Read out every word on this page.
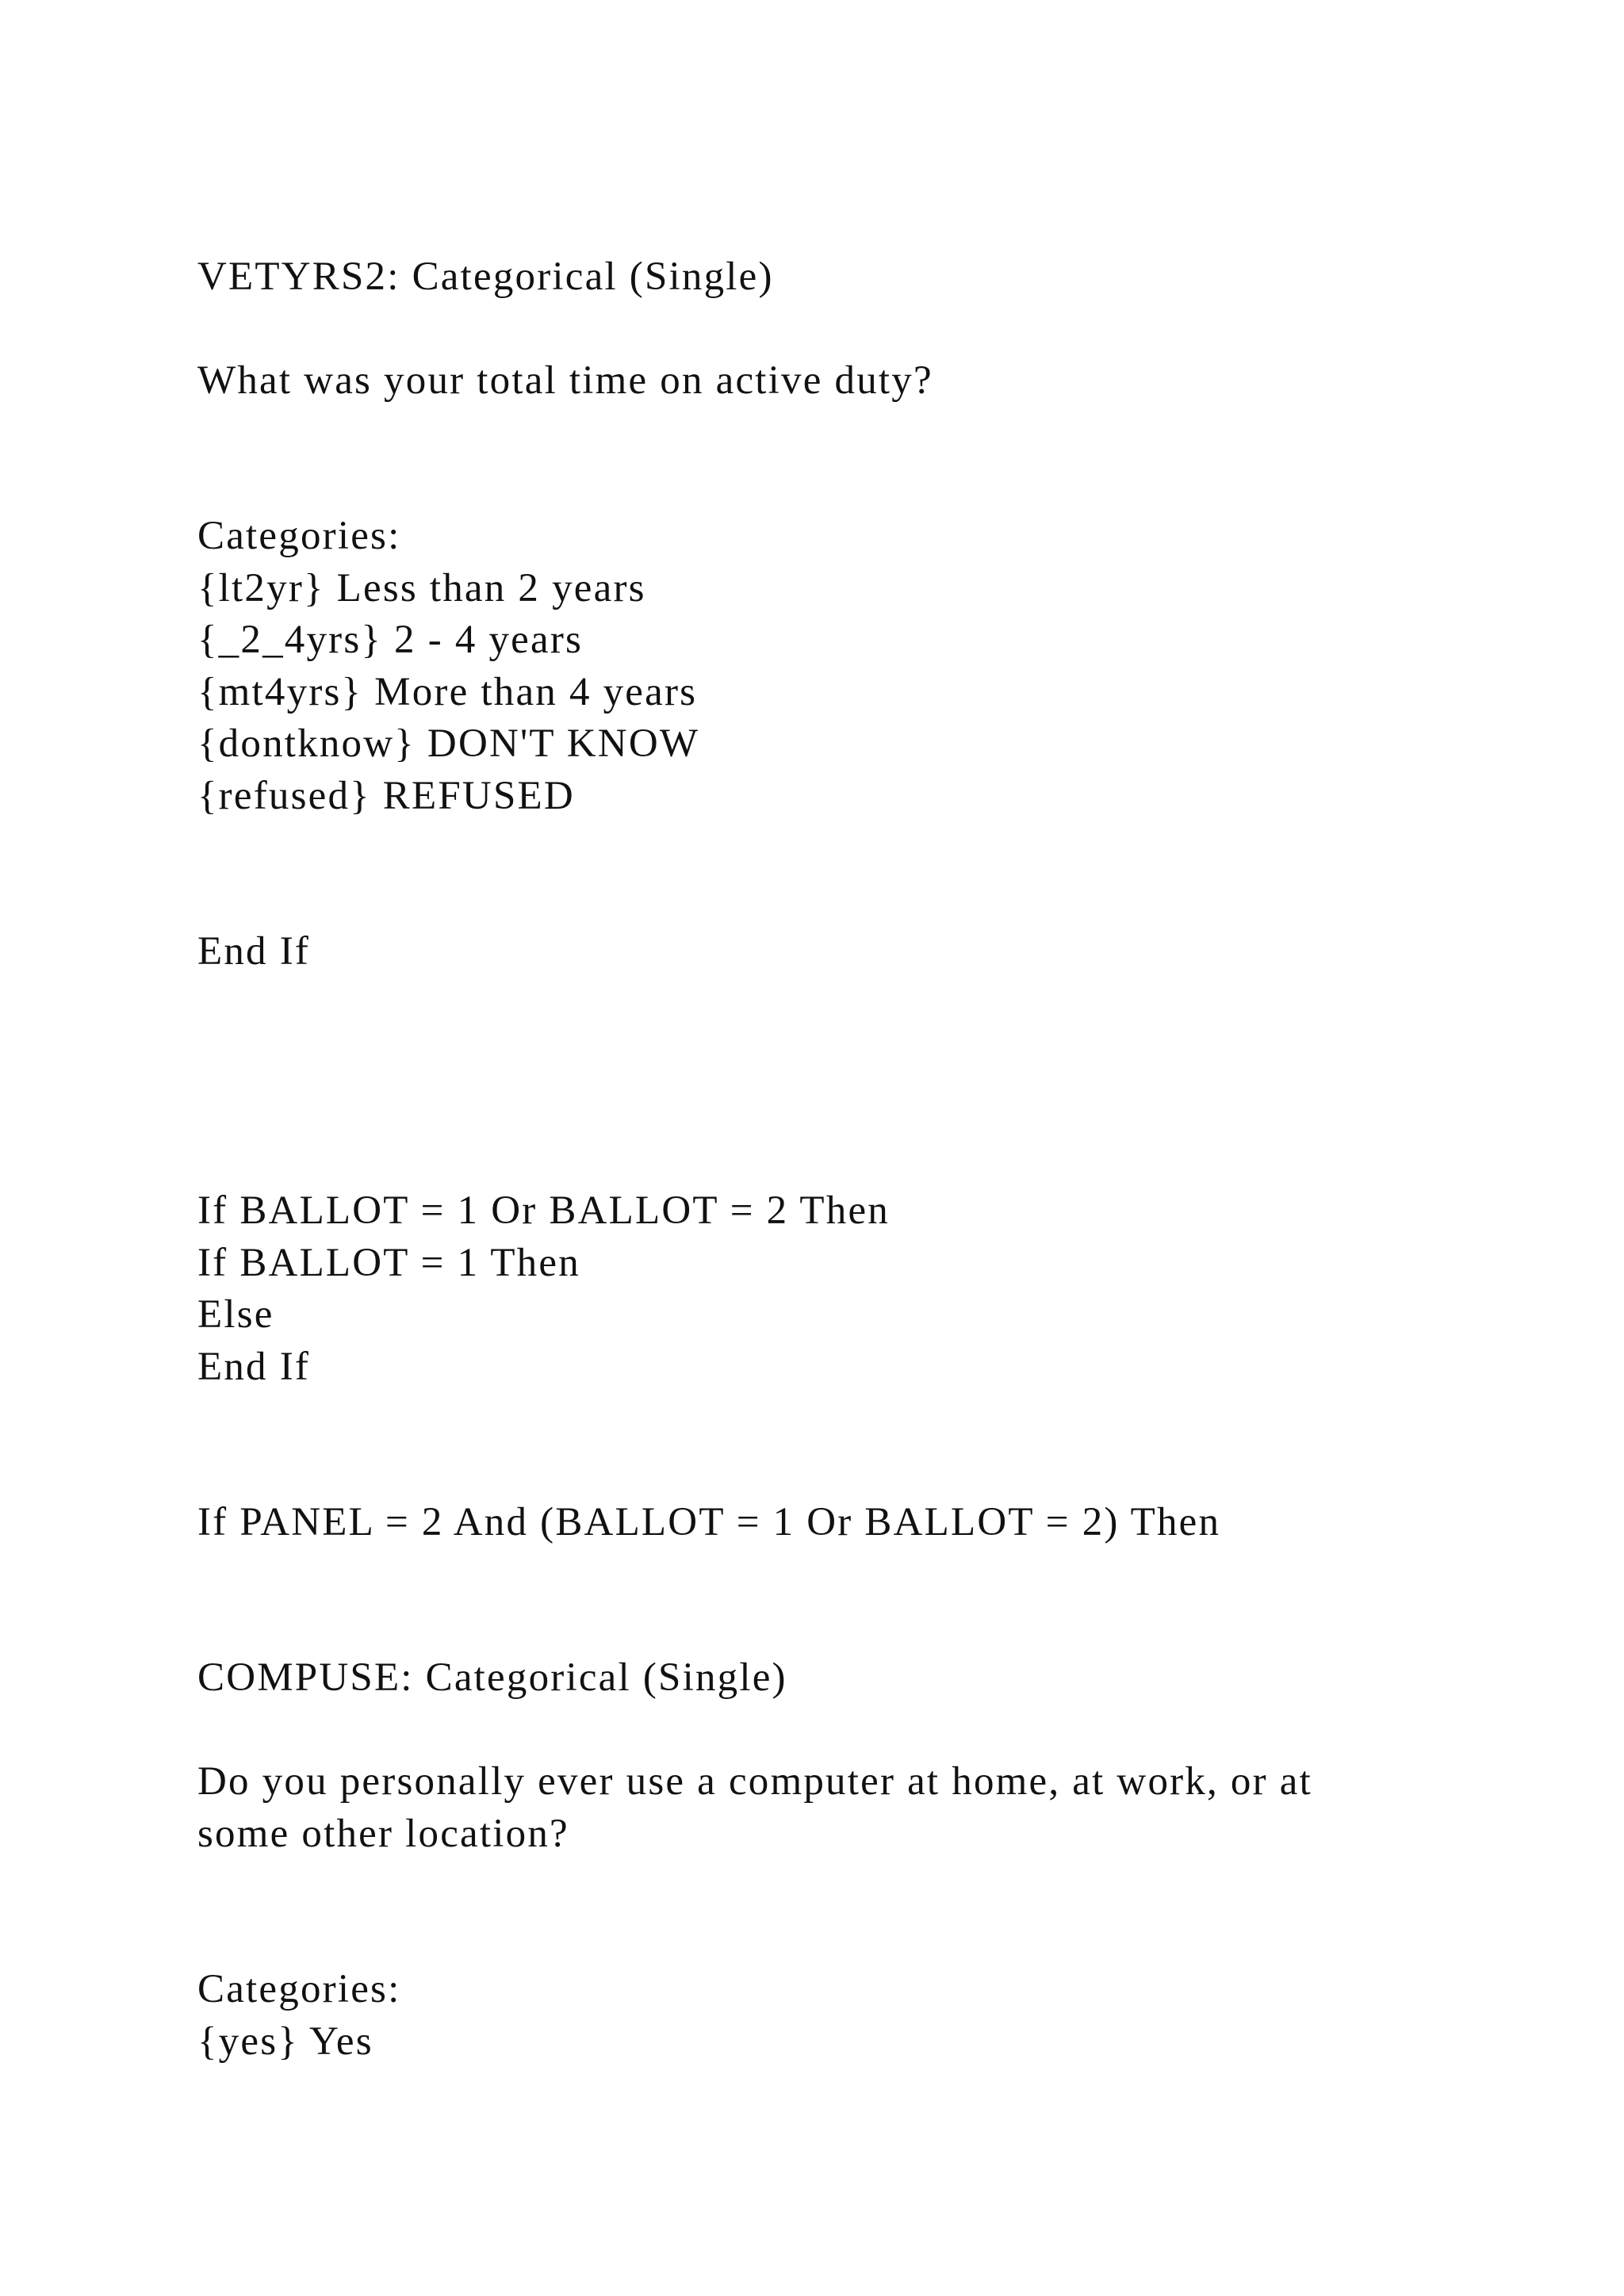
VETYRS2: Categorical (Single)
What was your total time on active duty?
Categories:
{lt2yr} Less than 2 years
{_2_4yrs} 2 - 4 years
{mt4yrs} More than 4 years
{dontknow} DON'T KNOW
{refused} REFUSED
End If
If BALLOT = 1 Or BALLOT = 2 Then
If BALLOT = 1 Then
Else
End If
If PANEL = 2 And (BALLOT = 1 Or BALLOT = 2) Then
COMPUSE: Categorical (Single)
Do you personally ever use a computer at home, at work, or at
some other location?
Categories:
{yes} Yes
